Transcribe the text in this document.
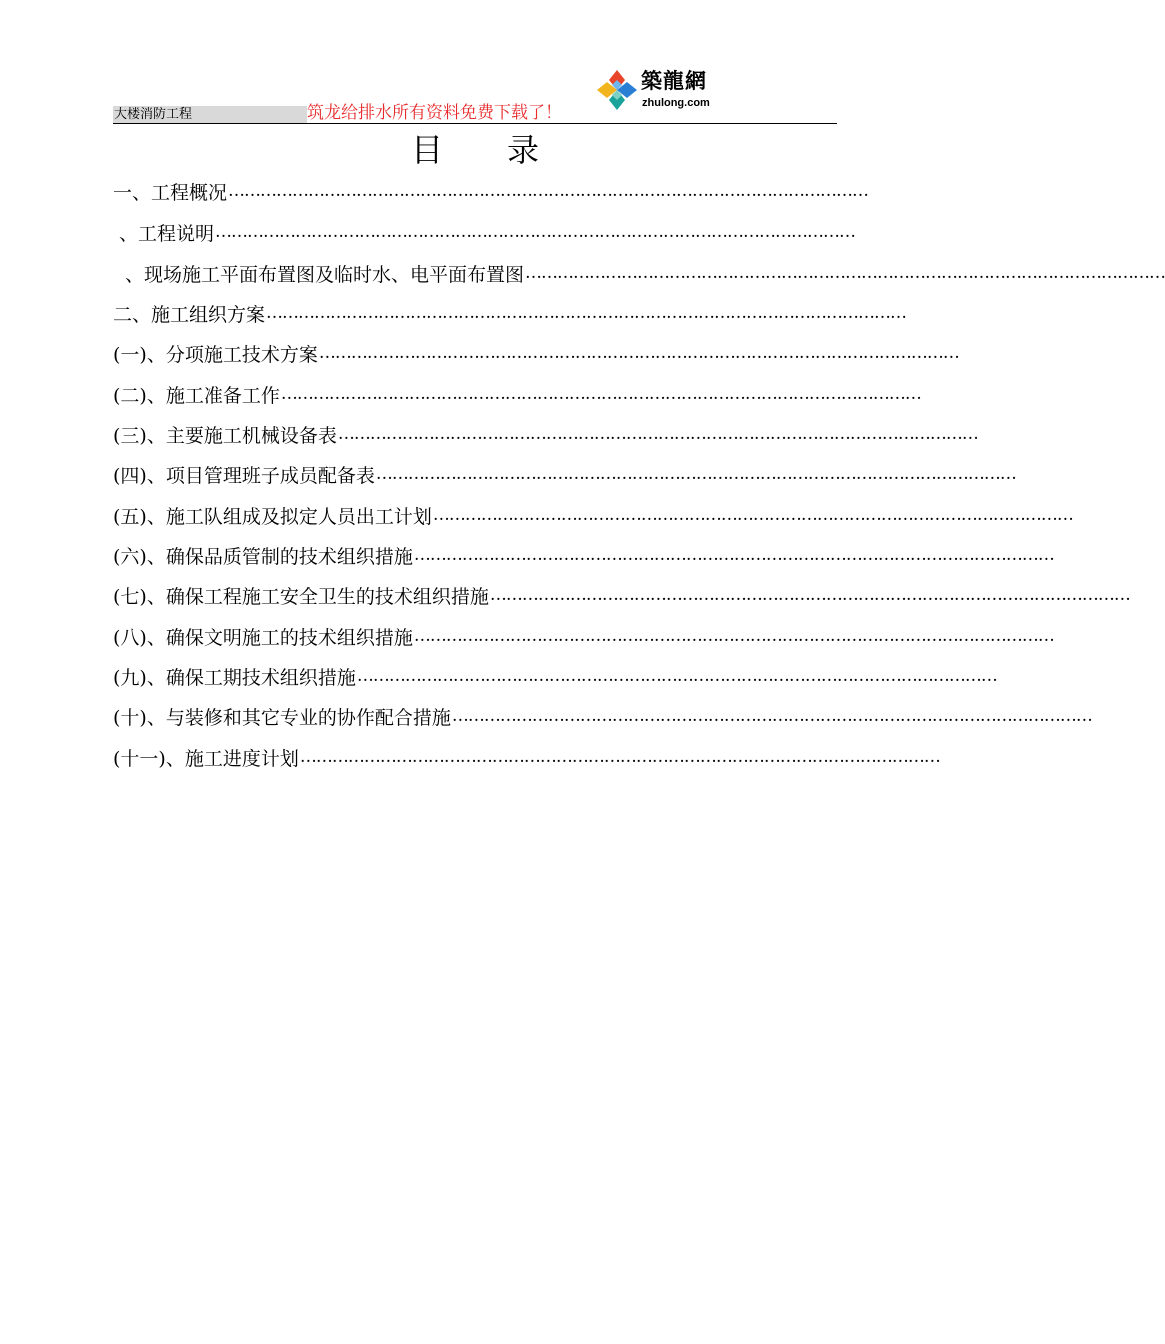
大楼消防工程	筑龙给排水所有资料免费下载了！
築龍網
zhulong.com
目 录
一、工程概况 …………………………………………………………………………………………………………
、工程说明 …………………………………………………………………………………………………………
、现场施工平面布置图及临时水、电平面布置图 …………………………………………………………………………………………………………
二、施工组织方案 …………………………………………………………………………………………………………
(一)、分项施工技术方案 …………………………………………………………………………………………………………
(二)、施工准备工作 …………………………………………………………………………………………………………
(三)、主要施工机械设备表 …………………………………………………………………………………………………………
(四)、项目管理班子成员配备表 …………………………………………………………………………………………………………
(五)、施工队组成及拟定人员出工计划 …………………………………………………………………………………………………………
(六)、确保品质管制的技术组织措施 …………………………………………………………………………………………………………
(七)、确保工程施工安全卫生的技术组织措施 …………………………………………………………………………………………………………
(八)、确保文明施工的技术组织措施 …………………………………………………………………………………………………………
(九)、确保工期技术组织措施 …………………………………………………………………………………………………………
(十)、与装修和其它专业的协作配合措施 …………………………………………………………………………………………………………
(十一)、施工进度计划 …………………………………………………………………………………………………………
